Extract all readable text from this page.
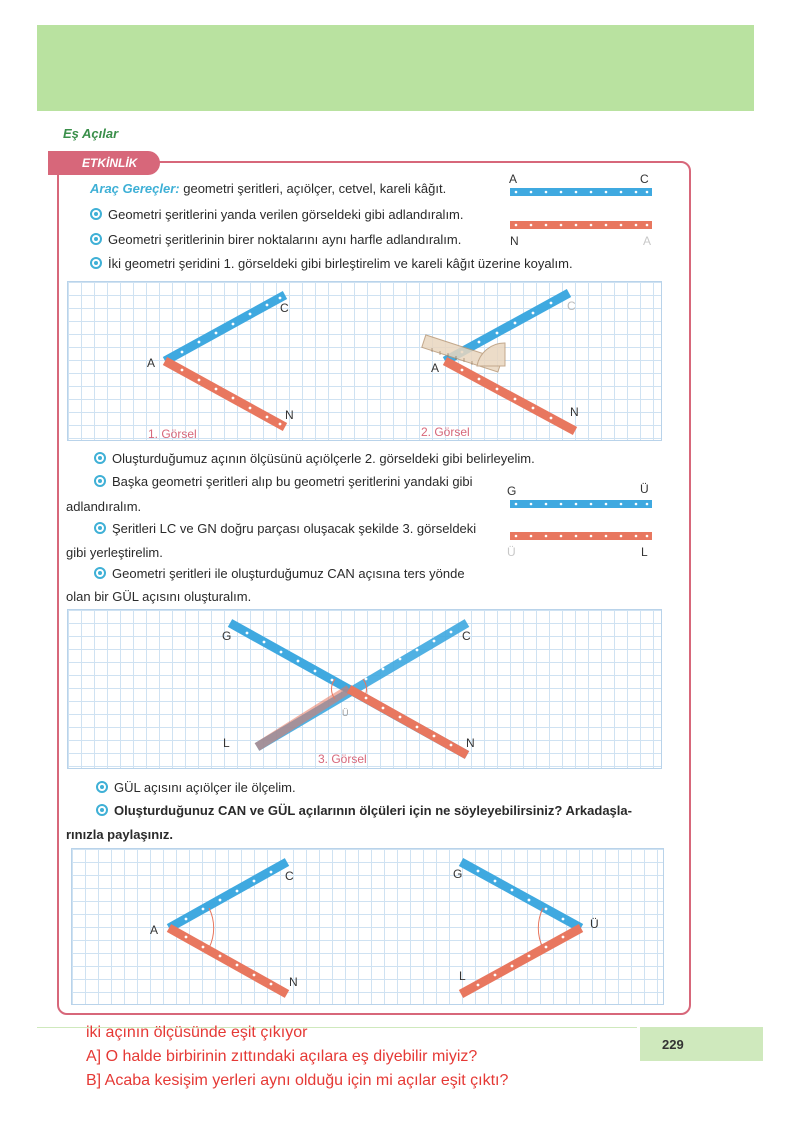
Eş Açılar
ETKİNLİK
Araç Gereçler: geometri şeritleri, açıölçer, cetvel, kareli kâğıt.
Geometri şeritlerini yanda verilen görseldeki gibi adlandıralım.
Geometri şeritlerinin birer noktalarını aynı harfle adlandıralım.
İki geometri şeridini 1. görseldeki gibi birleştirelim ve kareli kâğıt üzerine koyalım.
A	C
N	A
A
C
N
1. Görsel
A
C
N
2. Görsel
Oluşturduğumuz açının ölçüsünü açıölçerle 2. görseldeki gibi belirleyelim.
Başka geometri şeritleri alıp bu geometri şeritlerini yandaki gibi
adlandıralım.
Şeritleri LC ve GN doğru parçası oluşacak şekilde 3. görseldeki
gibi yerleştirelim.
Geometri şeritleri ile oluşturduğumuz CAN açısına ters yönde
olan bir GÜL açısını oluşturalım.
G	Ü
Ü	L
G	C
L	N
Ü
3. Görsel
GÜL açısını açıölçer ile ölçelim.
Oluşturduğunuz CAN ve GÜL açılarının ölçüleri için ne söyleyebilirsiniz? Arkadaşla-
rınızla paylaşınız.
A
C
N
G
Ü
L
229
iki açının ölçüsünde eşit çıkıyor
A] O halde birbirinin zıttındaki açılara eş diyebilir miyiz?
B] Acaba kesişim yerleri aynı olduğu için mi açılar eşit çıktı?
